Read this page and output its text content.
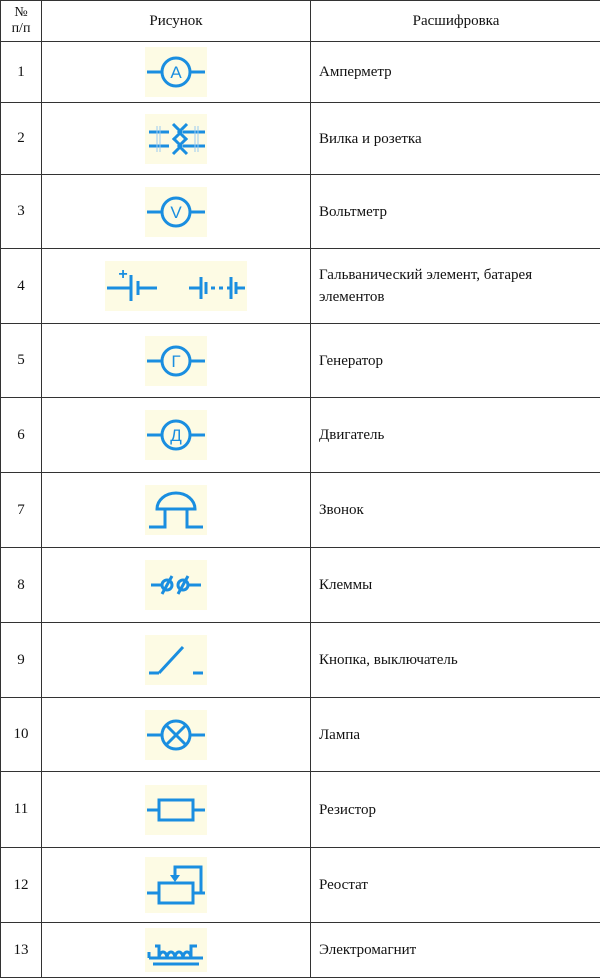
№
п/п	Рисунок	Расшифровка
1	А	Амперметр
2		Вилка и розетка
3	V	Вольтметр
4	+	Гальванический элемент, батарея элементов
5	Г	Генератор
6	Д	Двигатель
7		Звонок
8		Клеммы
9		Кнопка, выключатель
10		Лампа
11		Резистор
12		Реостат
13		Электромагнит
